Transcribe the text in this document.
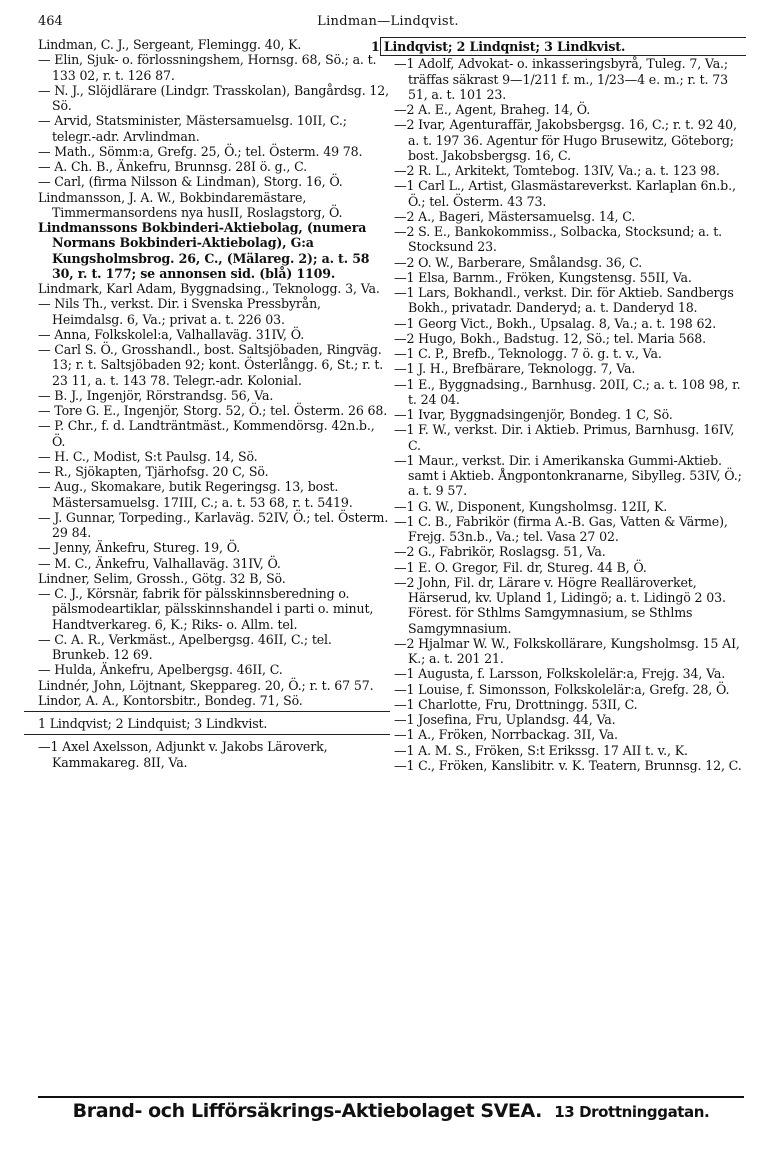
464	Lindman—Lindqvist.
Lindman, C. J., Sergeant, Flemingg. 40, K.
— Elin, Sjuk- o. förlossningshem, Hornsg. 68, Sö.; a. t. 133 02, r. t. 126 87.
— N. J., Slöjdlärare (Lindgr. Trasskolan), Bangårdsg. 12, Sö.
— Arvid, Statsminister, Mästersamuelsg. 10II, C.; telegr.-adr. Arvlindman.
— Math., Sömm:a, Grefg. 25, Ö.; tel. Österm. 49 78.
— A. Ch. B., Änkefru, Brunnsg. 28I ö. g., C.
— Carl, (firma Nilsson & Lindman), Storg. 16, Ö.
Lindmansson, J. A. W., Bokbindaremästare, Timmermansordens nya husII, Roslagstorg, Ö.
Lindmanssons Bokbinderi-Aktiebolag, (numera Normans Bokbinderi-Aktiebolag), G:a Kungsholmsbrog. 26, C., (Mälareg. 2); a. t. 58 30, r. t. 177; se annonsen sid. (blå) 1109.
Lindmark, Karl Adam, Byggnadsing., Teknologg. 3, Va.
— Nils Th., verkst. Dir. i Svenska Pressbyrån, Heimdalsg. 6, Va.; privat a. t. 226 03.
— Anna, Folkskolel:a, Valhallaväg. 31IV, Ö.
— Carl S. Ö., Grosshandl., bost. Saltsjöbaden, Ringväg. 13; r. t. Saltsjöbaden 92; kont. Österlångg. 6, St.; r. t. 23 11, a. t. 143 78. Telegr.-adr. Kolonial.
— B. J., Ingenjör, Rörstrandsg. 56, Va.
— Tore G. E., Ingenjör, Storg. 52, Ö.; tel. Österm. 26 68.
— P. Chr., f. d. Landträntmäst., Kommendörsg. 42n.b., Ö.
— H. C., Modist, S:t Paulsg. 14, Sö.
— R., Sjökapten, Tjärhofsg. 20 C, Sö.
— Aug., Skomakare, butik Regeringsg. 13, bost. Mästersamuelsg. 17III, C.; a. t. 53 68, r. t. 5419.
— J. Gunnar, Torpeding., Karlaväg. 52IV, Ö.; tel. Österm. 29 84.
— Jenny, Änkefru, Stureg. 19, Ö.
— M. C., Änkefru, Valhallaväg. 31IV, Ö.
Lindner, Selim, Grossh., Götg. 32 B, Sö.
— C. J., Körsnär, fabrik för pälsskinnsberedning o. pälsmodeartiklar, pälsskinnshandel i parti o. minut, Handtverkareg. 6, K.; Riks- o. Allm. tel.
— C. A. R., Verkmäst., Apelbergsg. 46II, C.; tel. Brunkeb. 12 69.
— Hulda, Änkefru, Apelbergsg. 46II, C.
Lindnér, John, Löjtnant, Skeppareg. 20, Ö.; r. t. 67 57.
Lindor, A. A., Kontorsbitr., Bondeg. 71, Sö.
1 Lindqvist; 2 Lindquist; 3 Lindkvist.
—1 Axel Axelsson, Adjunkt v. Jakobs Läroverk, Kammakareg. 8II, Va.
1 Lindqvist; 2 Lindqnist; 3 Lindkvist.
—1 Adolf, Advokat- o. inkasseringsbyrå, Tuleg. 7, Va.; träffas säkrast 9—1/211 f. m., 1/23—4 e. m.; r. t. 73 51, a. t. 101 23.
—2 A. E., Agent, Braheg. 14, Ö.
—2 Ivar, Agenturaffär, Jakobsbergsg. 16, C.; r. t. 92 40, a. t. 197 36. Agentur för Hugo Brusewitz, Göteborg; bost. Jakobsbergsg. 16, C.
—2 R. L., Arkitekt, Tomtebog. 13IV, Va.; a. t. 123 98.
—1 Carl L., Artist, Glasmästareverkst. Karlaplan 6n.b., Ö.; tel. Österm. 43 73.
—2 A., Bageri, Mästersamuelsg. 14, C.
—2 S. E., Bankokommiss., Solbacka, Stocksund; a. t. Stocksund 23.
—2 O. W., Barberare, Smålandsg. 36, C.
—1 Elsa, Barnm., Fröken, Kungstensg. 55II, Va.
—1 Lars, Bokhandl., verkst. Dir. för Aktieb. Sandbergs Bokh., privatadr. Danderyd; a. t. Danderyd 18.
—1 Georg Vict., Bokh., Upsalag. 8, Va.; a. t. 198 62.
—2 Hugo, Bokh., Badstug. 12, Sö.; tel. Maria 568.
—1 C. P., Brefb., Teknologg. 7 ö. g. t. v., Va.
—1 J. H., Brefbärare, Teknologg. 7, Va.
—1 E., Byggnadsing., Barnhusg. 20II, C.; a. t. 108 98, r. t. 24 04.
—1 Ivar, Byggnadsingenjör, Bondeg. 1 C, Sö.
—1 F. W., verkst. Dir. i Aktieb. Primus, Barnhusg. 16IV, C.
—1 Maur., verkst. Dir. i Amerikanska Gummi-Aktieb. samt i Aktieb. Ångpontonkranarne, Sibylleg. 53IV, Ö.; a. t. 9 57.
—1 G. W., Disponent, Kungsholmsg. 12II, K.
—1 C. B., Fabrikör (firma A.-B. Gas, Vatten & Värme), Frejg. 53n.b., Va.; tel. Vasa 27 02.
—2 G., Fabrikör, Roslagsg. 51, Va.
—1 E. O. Gregor, Fil. dr, Stureg. 44 B, Ö.
—2 John, Fil. dr, Lärare v. Högre Realläroverket, Härserud, kv. Upland 1, Lidingö; a. t. Lidingö 2 03. Förest. för Sthlms Samgymnasium, se Sthlms Samgymnasium.
—2 Hjalmar W. W., Folkskollärare, Kungsholmsg. 15 AI, K.; a. t. 201 21.
—1 Augusta, f. Larsson, Folkskolelär:a, Frejg. 34, Va.
—1 Louise, f. Simonsson, Folkskolelär:a, Grefg. 28, Ö.
—1 Charlotte, Fru, Drottningg. 53II, C.
—1 Josefina, Fru, Uplandsg. 44, Va.
—1 A., Fröken, Norrbackag. 3II, Va.
—1 A. M. S., Fröken, S:t Erikssg. 17 AII t. v., K.
—1 C., Fröken, Kanslibitr. v. K. Teatern, Brunnsg. 12, C.
Brand- och Lifförsäkrings-Aktiebolaget SVEA. 13 Drottninggatan.
